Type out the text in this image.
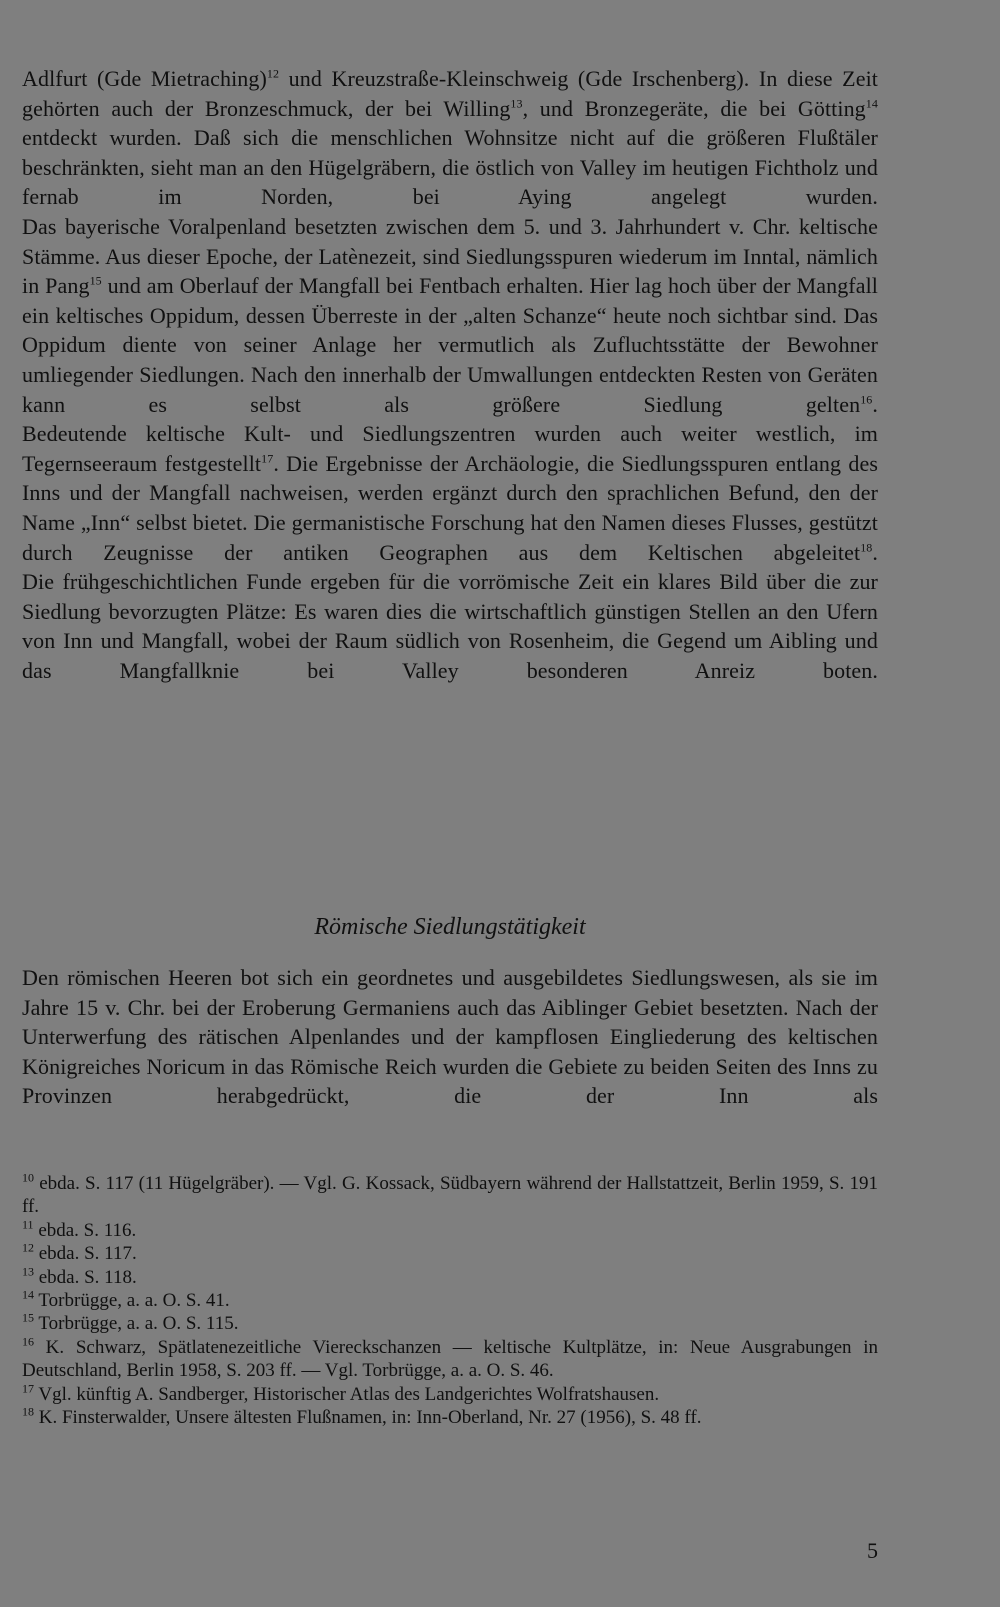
Adlfurt (Gde Mietraching)$^{12}$ und Kreuzstraße-Kleinschweig (Gde Irschenberg). In diese Zeit gehörten auch der Bronzeschmuck, der bei Willing$^{13}$, und Bronzegeräte, die bei Götting$^{14}$ entdeckt wurden. Daß sich die menschlichen Wohnsitze nicht auf die größeren Flußtäler beschränkten, sieht man an den Hügelgräbern, die östlich von Valley im heutigen Fichtholz und fernab im Norden, bei Aying angelegt wurden.

Das bayerische Voralpenland besetzten zwischen dem 5. und 3. Jahrhundert v. Chr. keltische Stämme. Aus dieser Epoche, der Latènezeit, sind Siedlungsspuren wiederum im Inntal, nämlich in Pang$^{15}$ und am Oberlauf der Mangfall bei Fentbach erhalten. Hier lag hoch über der Mangfall ein keltisches Oppidum, dessen Überreste in der „alten Schanze“ heute noch sichtbar sind. Das Oppidum diente von seiner Anlage her vermutlich als Zufluchtsstätte der Bewohner umliegender Siedlungen. Nach den innerhalb der Umwallungen entdeckten Resten von Geräten kann es selbst als größere Siedlung gelten$^{16}$.

Bedeutende keltische Kult- und Siedlungszentren wurden auch weiter westlich, im Tegernseeraum festgestellt$^{17}$. Die Ergebnisse der Archäologie, die Siedlungsspuren entlang des Inns und der Mangfall nachweisen, werden ergänzt durch den sprachlichen Befund, den der Name „Inn“ selbst bietet. Die germanistische Forschung hat den Namen dieses Flusses, gestützt durch Zeugnisse der antiken Geographen aus dem Keltischen abgeleitet$^{18}$.

Die frühgeschichtlichen Funde ergeben für die vorrömische Zeit ein klares Bild über die zur Siedlung bevorzugten Plätze: Es waren dies die wirtschaftlich günstigen Stellen an den Ufern von Inn und Mangfall, wobei der Raum südlich von Rosenheim, die Gegend um Aibling und das Mangfallknie bei Valley besonderen Anreiz boten.

Römische Siedlungstätigkeit

Den römischen Heeren bot sich ein geordnetes und ausgebildetes Siedlungswesen, als sie im Jahre 15 v. Chr. bei der Eroberung Germaniens auch das Aiblinger Gebiet besetzten. Nach der Unterwerfung des rätischen Alpenlandes und der kampflosen Eingliederung des keltischen Königreiches Noricum in das Römische Reich wurden die Gebiete zu beiden Seiten des Inns zu Provinzen herabgedrückt, die der Inn als

$^{10}$ ebda. S. 117 (11 Hügelgräber). — Vgl. G. Kossack, Südbayern während der Hallstattzeit, Berlin 1959, S. 191 ff.

$^{11}$ ebda. S. 116.

$^{12}$ ebda. S. 117.

$^{13}$ ebda. S. 118.

$^{14}$ Torbrügge, a. a. O. S. 41.

$^{15}$ Torbrügge, a. a. O. S. 115.

$^{16}$ K. Schwarz, Spätlatenezeitliche Viereckschanzen — keltische Kultplätze, in: Neue Ausgrabungen in Deutschland, Berlin 1958, S. 203 ff. — Vgl. Torbrügge, a. a. O. S. 46.

$^{17}$ Vgl. künftig A. Sandberger, Historischer Atlas des Landgerichtes Wolfratshausen.

$^{18}$ K. Finsterwalder, Unsere ältesten Flußnamen, in: Inn-Oberland, Nr. 27 (1956), S. 48 ff.

5
